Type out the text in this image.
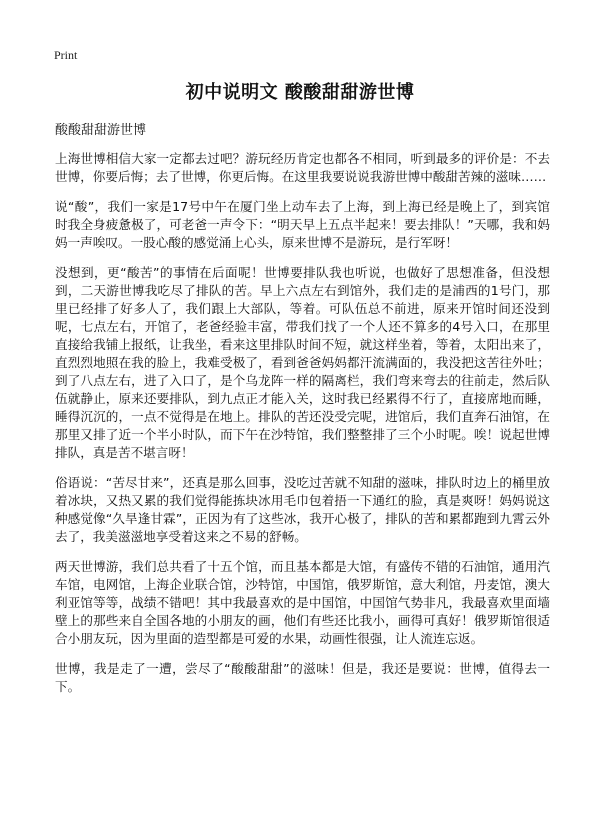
Print
初中说明文 酸酸甜甜游世博
酸酸甜甜游世博

上海世博相信大家一定都去过吧？游玩经历肯定也都各不相同，听到最多的评价是：不去世博，你要后悔；去了世博，你更后悔。在这里我要说说我游世博中酸甜苦辣的滋味……

说“酸”，我们一家是17号中午在厦门坐上动车去了上海，到上海已经是晚上了，到宾馆时我全身疲惫极了，可老爸一声令下：“明天早上五点半起来！要去排队！”天哪，我和妈妈一声唉叹。一股心酸的感觉涌上心头，原来世博不是游玩，是行军呀！

没想到，更“酸苦”的事情在后面呢！世博要排队我也听说，也做好了思想准备，但没想到，二天游世博我吃尽了排队的苦。早上六点左右到馆外，我们走的是浦西的1号门，那里已经排了好多人了，我们跟上大部队，等着。可队伍总不前进，原来开馆时间还没到呢，七点左右，开馆了，老爸经验丰富，带我们找了一个人还不算多的4号入口，在那里直接给我铺上报纸，让我坐，看来这里排队时间不短，就这样坐着，等着，太阳出来了，直烈烈地照在我的脸上，我难受极了，看到爸爸妈妈都汗流满面的，我没把这苦往外吐；到了八点左右，进了入口了，是个乌龙阵一样的隔离栏，我们弯来弯去的往前走，然后队伍就静止，原来还要排队，到九点正才能入关，这时我已经累得不行了，直接席地而睡，睡得沉沉的，一点不觉得是在地上。排队的苦还没受完呢，进馆后，我们直奔石油馆，在那里又排了近一个半小时队，而下午在沙特馆，我们整整排了三个小时呢。唉！说起世博排队，真是苦不堪言呀！

俗语说：“苦尽甘来”，还真是那么回事，没吃过苦就不知甜的滋味，排队时边上的桶里放着冰块，又热又累的我们觉得能拣块冰用毛巾包着捂一下通红的脸，真是爽呀！妈妈说这种感觉像“久旱逢甘霖”，正因为有了这些冰，我开心极了，排队的苦和累都跑到九霄云外去了，我美滋滋地享受着这来之不易的舒畅。

两天世博游，我们总共看了十五个馆，而且基本都是大馆，有盛传不错的石油馆，通用汽车馆，电网馆，上海企业联合馆，沙特馆，中国馆，俄罗斯馆，意大利馆，丹麦馆，澳大利亚馆等等，战绩不错吧！其中我最喜欢的是中国馆，中国馆气势非凡，我最喜欢里面墙壁上的那些来自全国各地的小朋友的画，他们有些还比我小，画得可真好！俄罗斯馆很适合小朋友玩，因为里面的造型都是可爱的水果，动画性很强，让人流连忘返。

世博，我是走了一遭，尝尽了“酸酸甜甜”的滋味！但是，我还是要说：世博，值得去一下。
